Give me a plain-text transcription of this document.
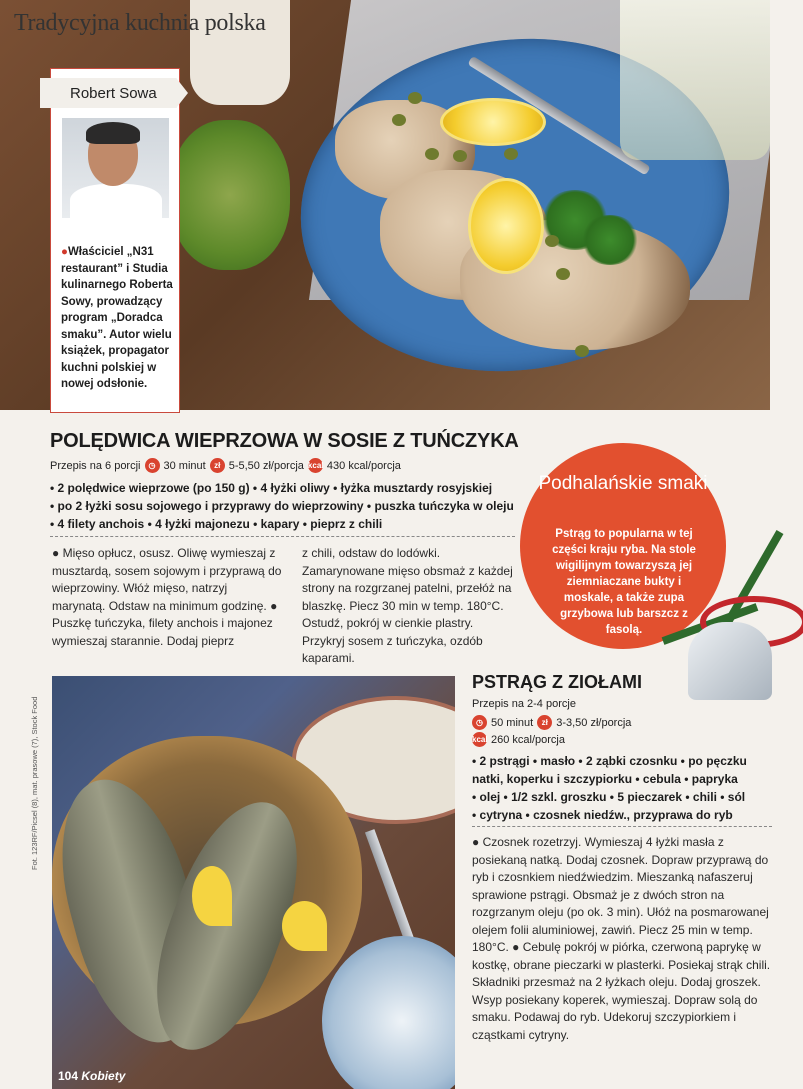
Tradycyjna kuchnia polska
Robert Sowa
●Właściciel „N31 restaurant” i Studia kulinarnego Roberta Sowy, prowadzący program „Doradca smaku”. Autor wielu książek, propagator kuchni polskiej w nowej odsłonie.
POLĘDWICA WIEPRZOWA W SOSIE Z TUŃCZYKA
Przepis na 6 porcji	◷ 30 minut	zł 5-5,50 zł/porcja kcal 430 kcal/porcja
• 2 polędwice wieprzowe (po 150 g) • 4 łyżki oliwy • łyżka musztardy rosyjskiej
• po 2 łyżki sosu sojowego i przyprawy do wieprzowiny • puszka tuńczyka w oleju
• 4 filety anchois • 4 łyżki majonezu • kapary • pieprz z chili
● Mięso opłucz, osusz. Oliwę wymieszaj z musztardą, sosem sojowym i przyprawą do wieprzowiny. Włóż mięso, natrzyj marynatą. Odstaw na minimum godzinę. ● Puszkę tuńczyka, filety anchois i majonez wymieszaj starannie. Dodaj pieprz
z chili, odstaw do lodówki. Zamarynowane mięso obsmaż z każdej strony na rozgrzanej patelni, przełóż na blaszkę. Piecz 30 min w temp. 180°C. Ostudź, pokrój w cienkie plastry. Przykryj sosem z tuńczyka, ozdób kaparami.
Podhalańskie smaki
Pstrąg to popularna w tej części kraju ryba. Na stole wigilijnym towarzyszą jej ziemniaczane bukty i moskale, a także zupa grzybowa lub barszcz z fasolą.
Fot. 123RF/Picsel (8), mat. prasowe (7), Stock Food
104 Kobiety
PSTRĄG Z ZIOŁAMI
Przepis na 2-4 porcje
◷ 50 minut	zł 3-3,50 zł/porcja
kcal 260 kcal/porcja
• 2 pstrągi • masło • 2 ząbki czosnku • po pęczku
natki, koperku i szczypiorku • cebula • papryka
• olej • 1/2 szkl. groszku • 5 pieczarek • chili • sól
• cytryna • czosnek niedźw., przyprawa do ryb
● Czosnek rozetrzyj. Wymieszaj 4 łyżki masła z posiekaną natką. Dodaj czosnek. Dopraw przyprawą do ryb i czosnkiem niedźwiedzim. Mieszanką nafaszeruj sprawione pstrągi. Obsmaż je z dwóch stron na rozgrzanym oleju (po ok. 3 min). Ułóż na posmarowanej olejem folii aluminiowej, zawiń. Piecz 25 min w temp. 180°C. ● Cebulę pokrój w piórka, czerwoną paprykę w kostkę, obrane pieczarki w plasterki. Posiekaj strąk chili. Składniki przesmaż na 2 łyżkach oleju. Dodaj groszek. Wsyp posiekany koperek, wymieszaj. Dopraw solą do smaku. Podawaj do ryb. Udekoruj szczypiorkiem i cząstkami cytryny.
